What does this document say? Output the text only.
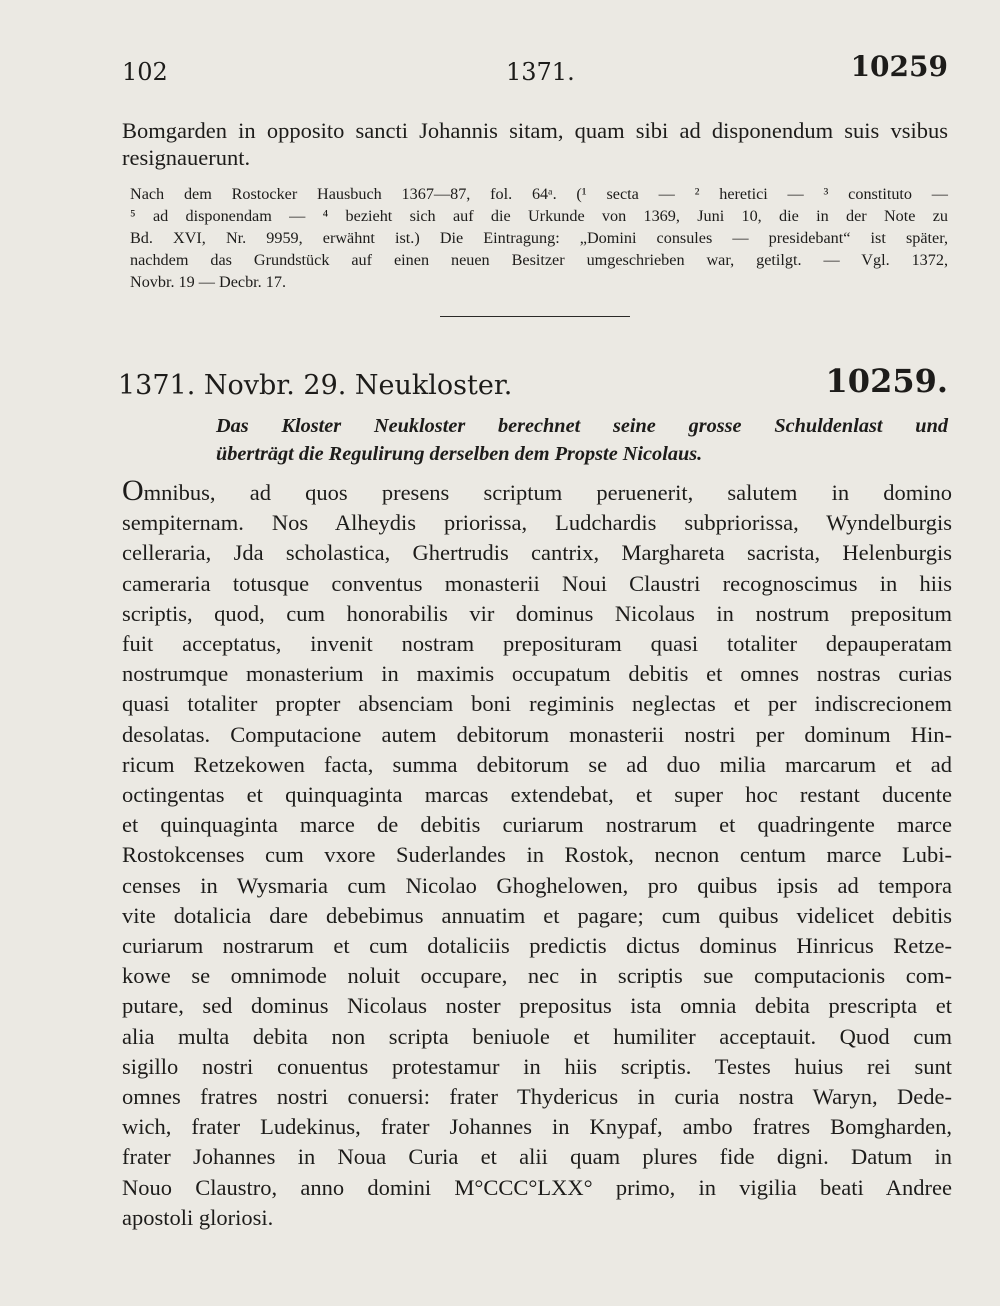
102	1371.	10259
Bomgarden in opposito sancti Johannis sitam, quam sibi ad disponendum suis vsibus resignauerunt.
Nach dem Rostocker Hausbuch 1367—87, fol. 64ᵃ. (¹ secta — ² heretici — ³ constituto —
⁵ ad disponendam — ⁴ bezieht sich auf die Urkunde von 1369, Juni 10, die in der Note zu
Bd. XVI, Nr. 9959, erwähnt ist.) Die Eintragung: „Domini consules — presidebant“ ist später,
nachdem das Grundstück auf einen neuen Besitzer umgeschrieben war, getilgt. — Vgl. 1372,
Novbr. 19 — Decbr. 17.
1371. Novbr. 29. Neukloster.	10259.
Das Kloster Neukloster berechnet seine grosse Schuldenlast und
überträgt die Regulirung derselben dem Propste Nicolaus.
Omnibus, ad quos presens scriptum peruenerit, salutem in domino
sempiternam. Nos Alheydis priorissa, Ludchardis subpriorissa, Wyndelburgis
celleraria, Jda scholastica, Ghertrudis cantrix, Marghareta sacrista, Helenburgis
cameraria totusque conventus monasterii Noui Claustri recognoscimus in hiis
scriptis, quod, cum honorabilis vir dominus Nicolaus in nostrum prepositum
fuit acceptatus, invenit nostram preposituram quasi totaliter depauperatam
nostrumque monasterium in maximis occupatum debitis et omnes nostras curias
quasi totaliter propter absenciam boni regiminis neglectas et per indiscrecionem
desolatas. Computacione autem debitorum monasterii nostri per dominum Hin-
ricum Retzekowen facta, summa debitorum se ad duo milia marcarum et ad
octingentas et quinquaginta marcas extendebat, et super hoc restant ducente
et quinquaginta marce de debitis curiarum nostrarum et quadringente marce
Rostokcenses cum vxore Suderlandes in Rostok, necnon centum marce Lubi-
censes in Wysmaria cum Nicolao Ghoghelowen, pro quibus ipsis ad tempora
vite dotalicia dare debebimus annuatim et pagare; cum quibus videlicet debitis
curiarum nostrarum et cum dotaliciis predictis dictus dominus Hinricus Retze-
kowe se omnimode noluit occupare, nec in scriptis sue computacionis com-
putare, sed dominus Nicolaus noster prepositus ista omnia debita prescripta et
alia multa debita non scripta beniuole et humiliter acceptauit. Quod cum
sigillo nostri conuentus protestamur in hiis scriptis. Testes huius rei sunt
omnes fratres nostri conuersi: frater Thydericus in curia nostra Waryn, Dede-
wich, frater Ludekinus, frater Johannes in Knypaf, ambo fratres Bomgharden,
frater Johannes in Noua Curia et alii quam plures fide digni. Datum in
Nouo Claustro, anno domini M°CCC°LXX° primo, in vigilia beati Andree
apostoli gloriosi.
